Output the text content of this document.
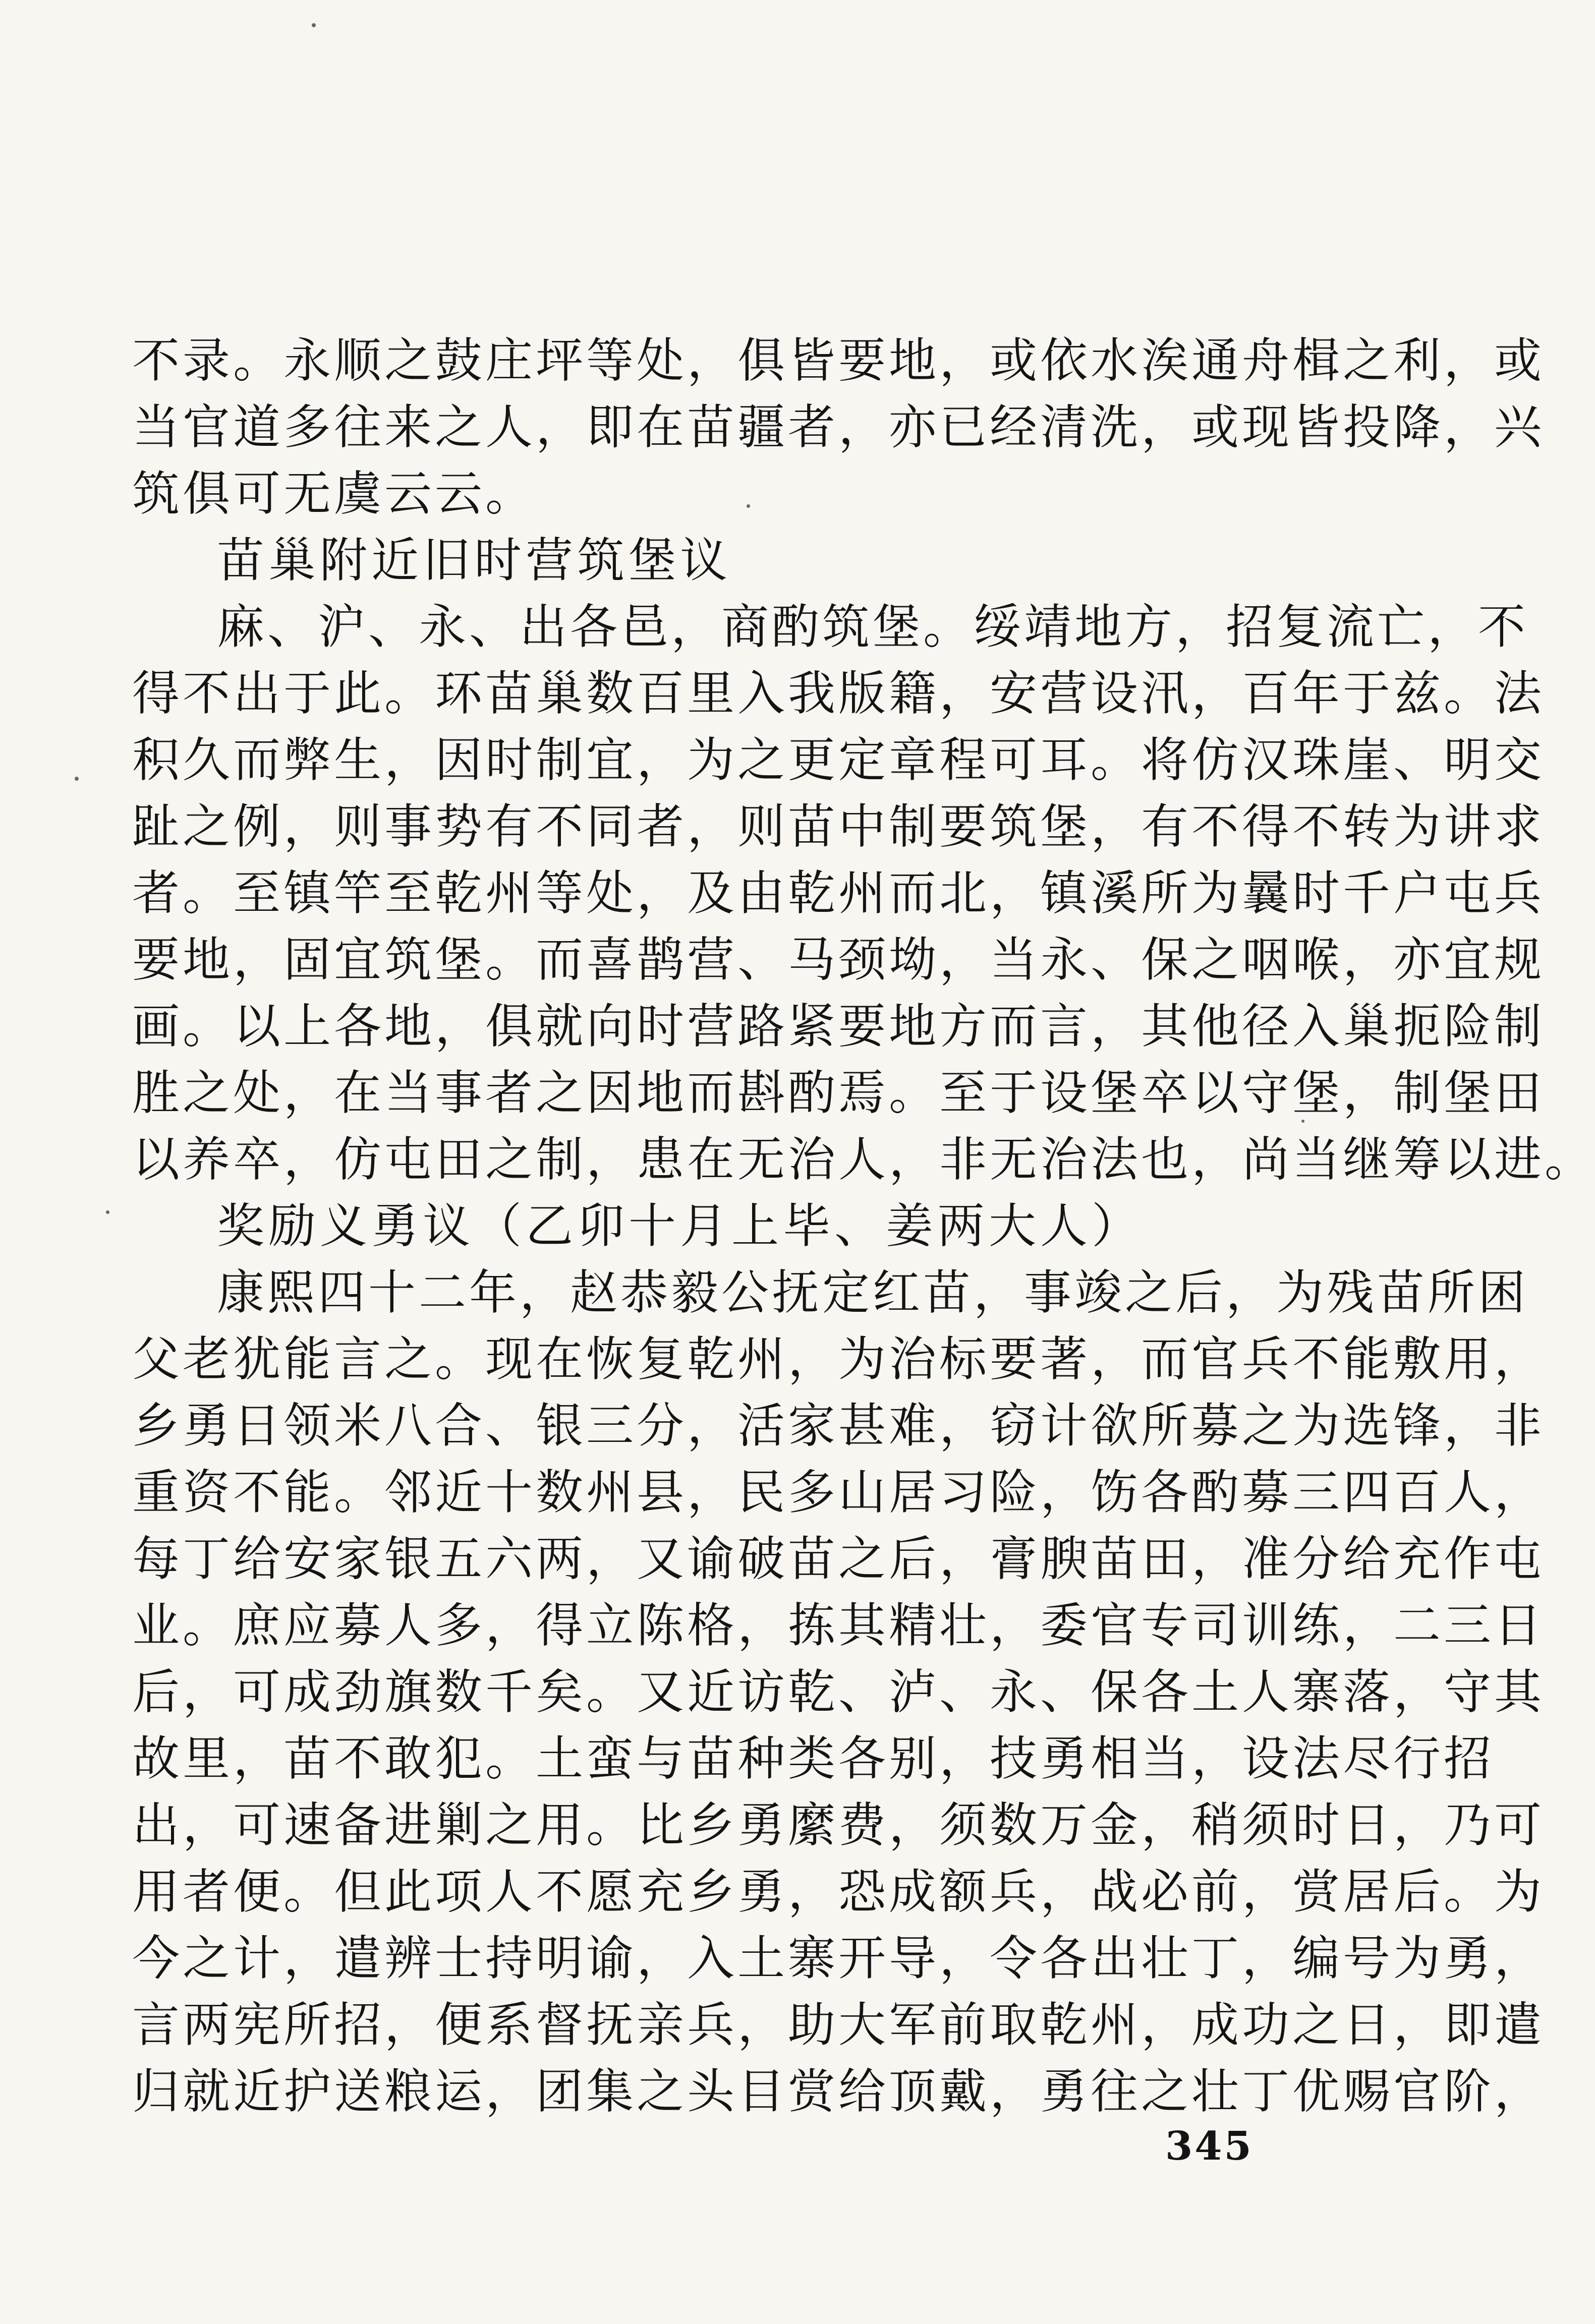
不录。永顺之鼓庄坪等处，俱皆要地，或依水涘通舟楫之利，或
当官道多往来之人，即在苗疆者，亦已经清洗，或现皆投降，兴
筑俱可无虞云云。
苗巢附近旧时营筑堡议
麻、沪、永、出各邑，商酌筑堡。绥靖地方，招复流亡，不
得不出于此。环苗巢数百里入我版籍，安营设汛，百年于兹。法
积久而弊生，因时制宜，为之更定章程可耳。将仿汉珠崖、明交
趾之例，则事势有不同者，则苗中制要筑堡，有不得不转为讲求
者。至镇竿至乾州等处，及由乾州而北，镇溪所为曩时千户屯兵
要地，固宜筑堡。而喜鹊营、马颈坳，当永、保之咽喉，亦宜规
画。以上各地，俱就向时营路紧要地方而言，其他径入巢扼险制
胜之处，在当事者之因地而斟酌焉。至于设堡卒以守堡，制堡田
以养卒，仿屯田之制，患在无治人，非无治法也，尚当继筹以进。
奖励义勇议（乙卯十月上毕、姜两大人）
康熙四十二年，赵恭毅公抚定红苗，事竣之后，为残苗所困
父老犹能言之。现在恢复乾州，为治标要著，而官兵不能敷用，
乡勇日领米八合、银三分，活家甚难，窃计欲所募之为选锋，非
重资不能。邻近十数州县，民多山居习险，饬各酌募三四百人，
每丁给安家银五六两，又谕破苗之后，膏腴苗田，准分给充作屯
业。庶应募人多，得立陈格，拣其精壮，委官专司训练，二三日
后，可成劲旗数千矣。又近访乾、泸、永、保各土人寨落，守其
故里，苗不敢犯。土蛮与苗种类各别，技勇相当，设法尽行招
出，可速备进剿之用。比乡勇縻费，须数万金，稍须时日，乃可
用者便。但此项人不愿充乡勇，恐成额兵，战必前，赏居后。为
今之计，遣辨士持明谕，入土寨开导，令各出壮丁，编号为勇，
言两宪所招，便系督抚亲兵，助大军前取乾州，成功之日，即遣
归就近护送粮运，团集之头目赏给顶戴，勇往之壮丁优赐官阶，
345
